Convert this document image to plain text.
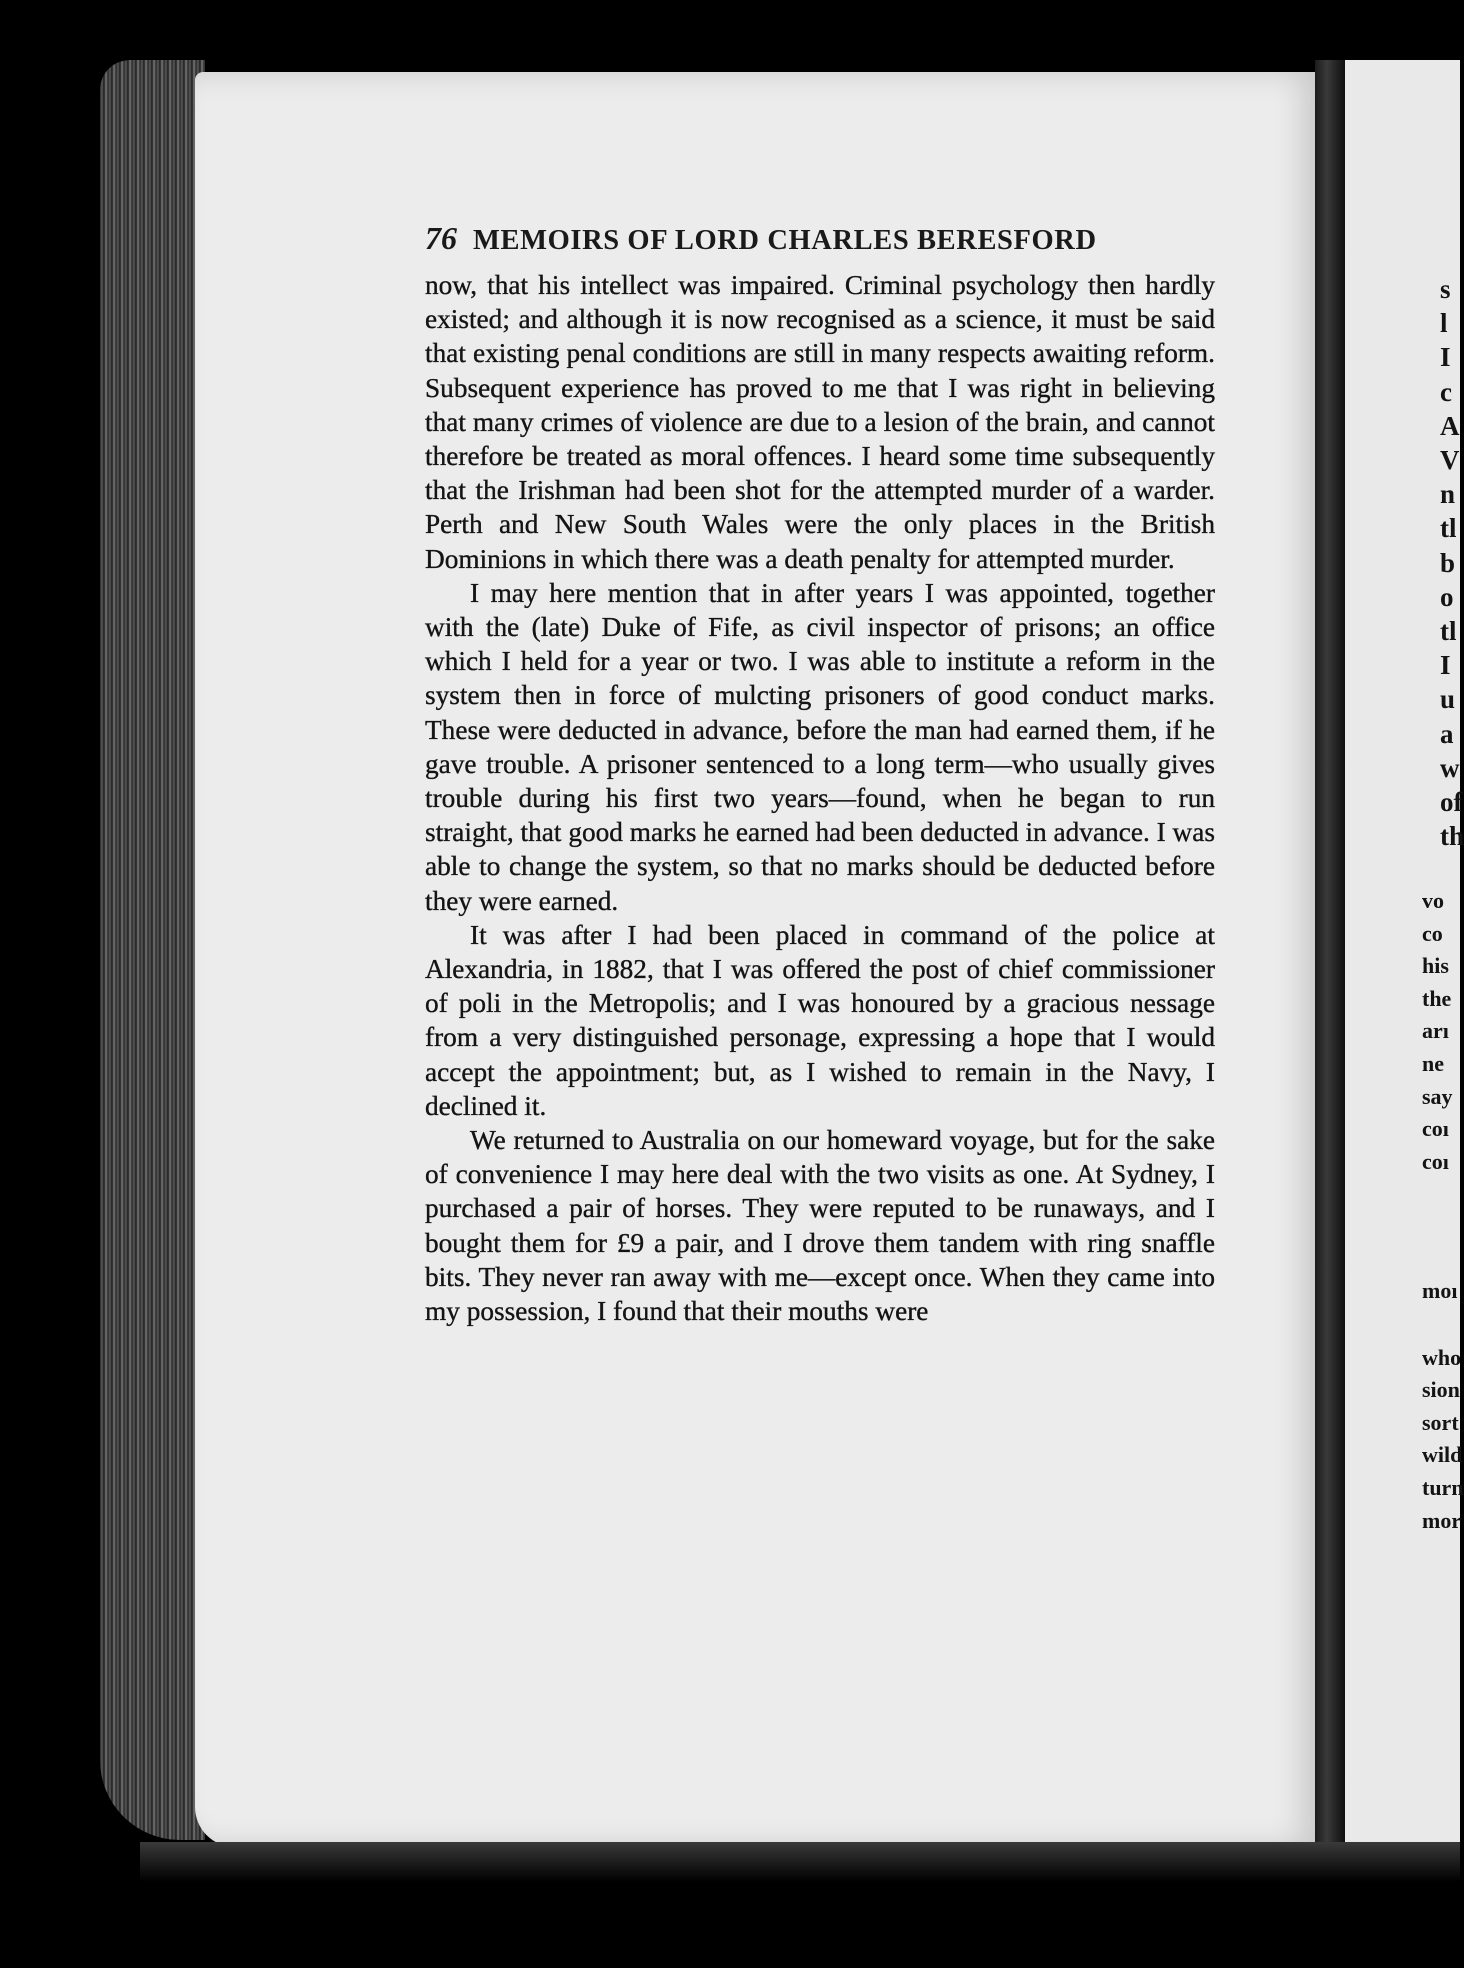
76 MEMOIRS OF LORD CHARLES BERESFORD

now, that his intellect was impaired. Criminal psychology then hardly existed; and although it is now recognised as a science, it must be said that existing penal conditions are still in many respects awaiting reform. Subsequent experience has proved to me that I was right in believing that many crimes of violence are due to a lesion of the brain, and cannot therefore be treated as moral offences. I heard some time subsequently that the Irishman had been shot for the attempted murder of a warder. Perth and New South Wales were the only places in the British Dominions in which there was a death penalty for attempted murder.

I may here mention that in after years I was appointed, together with the (late) Duke of Fife, as civil inspector of prisons; an office which I held for a year or two. I was able to institute a reform in the system then in force of mulcting prisoners of good conduct marks. These were deducted in advance, before the man had earned them, if he gave trouble. A prisoner sentenced to a long term—who usually gives trouble during his first two years—found, when he began to run straight, that good marks he earned had been deducted in advance. I was able to change the system, so that no marks should be deducted before they were earned.

It was after I had been placed in command of the police at Alexandria, in 1882, that I was offered the post of chief commissioner of poli in the Metropolis; and I was honoured by a gracious nessage from a very distinguished personage, expressing a hope that I would accept the appointment; but, as I wished to remain in the Navy, I declined it.

We returned to Australia on our homeward voyage, but for the sake of convenience I may here deal with the two visits as one. At Sydney, I purchased a pair of horses. They were reputed to be runaways, and I bought them for £9 a pair, and I drove them tandem with ring snaffle bits. They never ran away with me—except once. When they came into my possession, I found that their mouths were

s
l
I
c
A
V
n
tl
b
o
tl
I
u
a
w
of
th
vo
co
his
the
arı
ne
say
coı
coı
moı
who
sion
sort
wild
turn
mor
